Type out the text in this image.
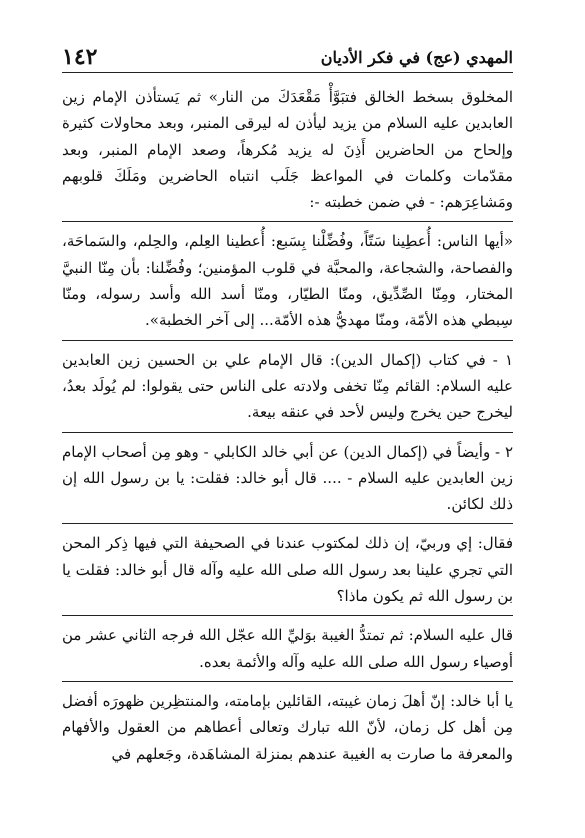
المهدي (عج) في فكر الأديان
١٤٢

المخلوق بسخط الخالق فتبَوَّأْ مَقْعَدَكَ من النار» ثم يَستأذن الإمام زين العابدين عليه السلام من يزيد ليأذن له ليرقى المنبر، وبعد محاولات كثيرة وإلحاح من الحاضرين أَذِنَ له يزيد مُكرهاً، وصعد الإمام المنبر، وبعد مقدّمات وكلمات في المواعظ جَلَب انتباه الحاضرين ومَلَكَ قلوبهم ومَشاعِرَهم: - في ضمن خطبته -:

«أيها الناس: أُعطِينا سَتّاً، وفُضِّلْنا بِسَبع: أُعطينا العِلم، والحِلم، والسَماحَة، والفصاحة، والشجاعة، والمحبَّة في قلوب المؤمنين؛ وفُضِّلنا: بأن مِنّا النبيَّ المختار، ومِنّا الصِّدِّيق، ومنّا الطيّار، ومنّا أسد الله وأسد رسوله، ومنّا سِبطي هذه الأمّة، ومنّا مهديُّ هذه الأمّة... إلى آخر الخطبة».

١ - في كتاب (إكمال الدين): قال الإمام علي بن الحسين زين العابدين عليه السلام: القائم مِنّا تخفى ولادته على الناس حتى يقولوا: لم يُولَد بعدُ، ليخرج حين يخرج وليس لأحد في عنقه بيعة.

٢ - وأيضاً في (إكمال الدين) عن أبي خالد الكابلي - وهو مِن أصحاب الإمام زين العابدين عليه السلام - .... قال أبو خالد: فقلت: يا بن رسول الله إن ذلك لكائن.

فقال: إي وربيّ، إن ذلك لمكتوب عندنا في الصحيفة التي فيها ذِكر المحن التي تجري علينا بعد رسول الله صلى الله عليه وآله قال أبو خالد: فقلت يا بن رسول الله ثم يكون ماذا؟

قال عليه السلام: ثم تمتدُّ الغيبة بوَليِّ الله عجّل الله فرجه الثاني عشر من أوصياء رسول الله صلى الله عليه وآله والأئمة بعده.

يا أبا خالد: إنّ أهلَ زمان غيبته، القائلين بإمامته، والمنتظِرين ظهورَه أفضل مِن أهل كل زمان، لأنّ الله تبارك وتعالى أعطاهم من العقول والأفهام والمعرفة ما صارت به الغيبة عندهم بمنزلة المشاهَدة، وجَعلهم في
